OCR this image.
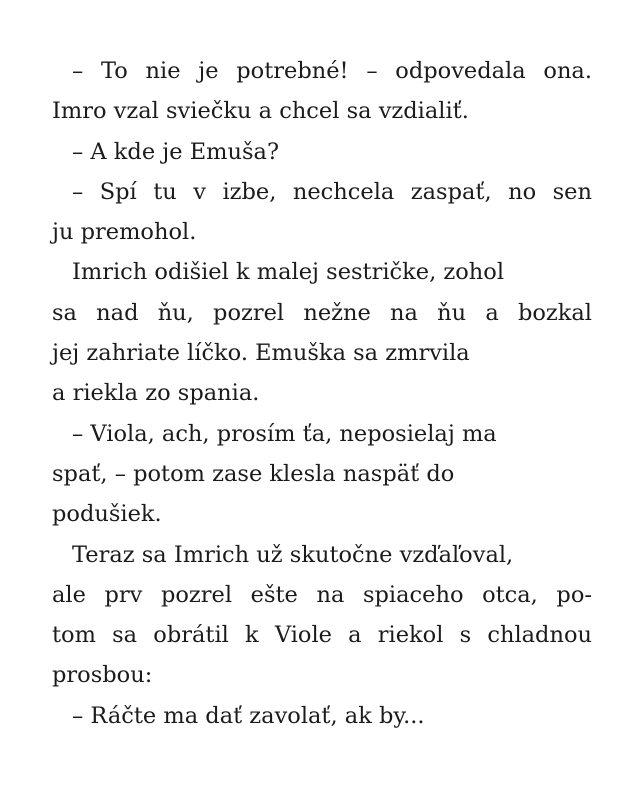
– To nie je potrebné! – odpovedala ona.
Imro vzal sviečku a chcel sa vzdialiť.
– A kde je Emuša?
– Spí tu v izbe, nechcela zaspať, no sen
ju premohol.
Imrich odišiel k malej sestričke, zohol
sa nad ňu, pozrel nežne na ňu a bozkal
jej zahriate líčko. Emuška sa zmrvila
a riekla zo spania.
– Viola, ach, prosím ťa, neposielaj ma
spať, – potom zase klesla naspäť do
podušiek.
Teraz sa Imrich už skutočne vzďaľoval,
ale prv pozrel ešte na spiaceho otca, po-
tom sa obrátil k Viole a riekol s chladnou
prosbou:
– Ráčte ma dať zavolať, ak by...
